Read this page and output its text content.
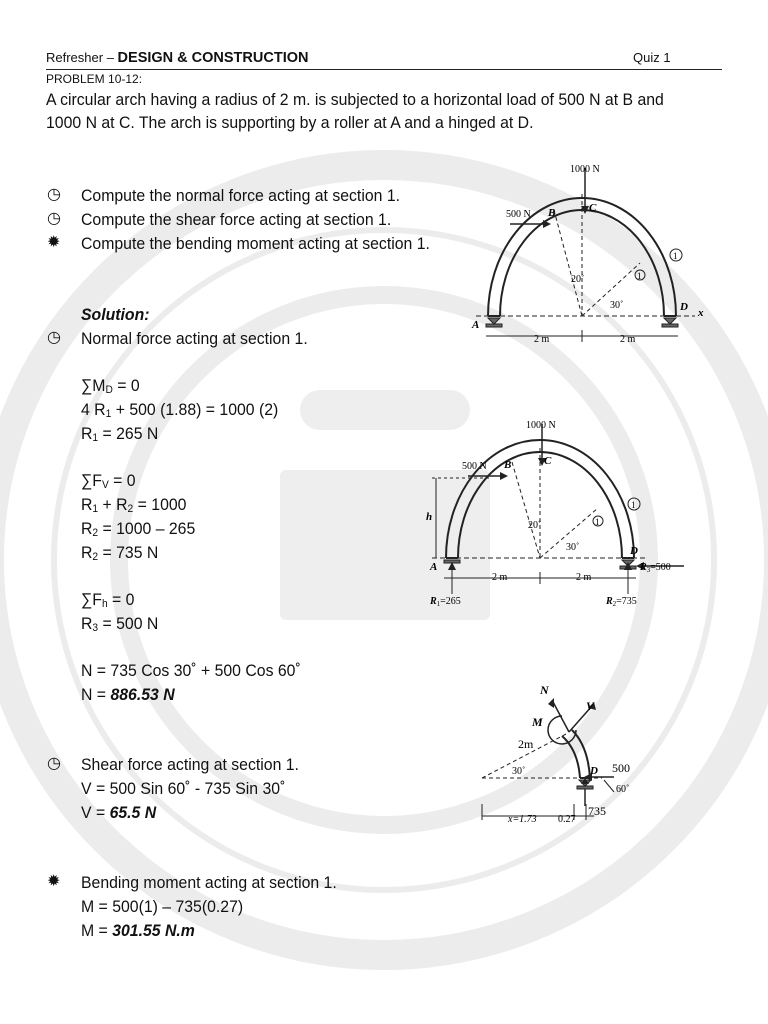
Refresher – DESIGN & CONSTRUCTION	Quiz 1
PROBLEM 10-12:
A circular arch having a radius of 2 m. is subjected to a horizontal load of 500 N at B and
1000 N at C. The arch is supporting by a roller at A and a hinged at D.
◷ Compute the normal force acting at section 1.
◷ Compute the shear force acting at section 1.
✹ Compute the bending moment acting at section 1.
Solution:
◷ Normal force acting at section 1.
$\sum M_D = 0$
4 $R_1 + 500$ (1.88) = 1000 (2)
$R_1 = 265$ N
$\sum F_V = 0$
$R_1 + R_2 = 1000$
$R_2 = 1000 - 265$
$R_2 = 735$ N
$\sum F_h = 0$
$R_3 = 500$ N
N = 735 Cos 30˚ + 500 Cos 60˚
N = 886.53 N
◷ Shear force acting at section 1.
V = 500 Sin 60˚ - 735 Sin 30˚
V = 65.5 N
✹ Bending moment acting at section 1.
M = 500(1) – 735(0.27)
M = 301.55 N.m
1000 N
500 N B	C
A
D x
1
1
20˚
30˚
2 m	2 m
1000 N
500 N B	C
A
D
h	1
1
20˚
30˚
2 m	2 m
$R_3=500$
$R_1=265$	$R_2=735$
N
V
M
2m
30˚	D 500
60˚
x=1.73 0.27
735
